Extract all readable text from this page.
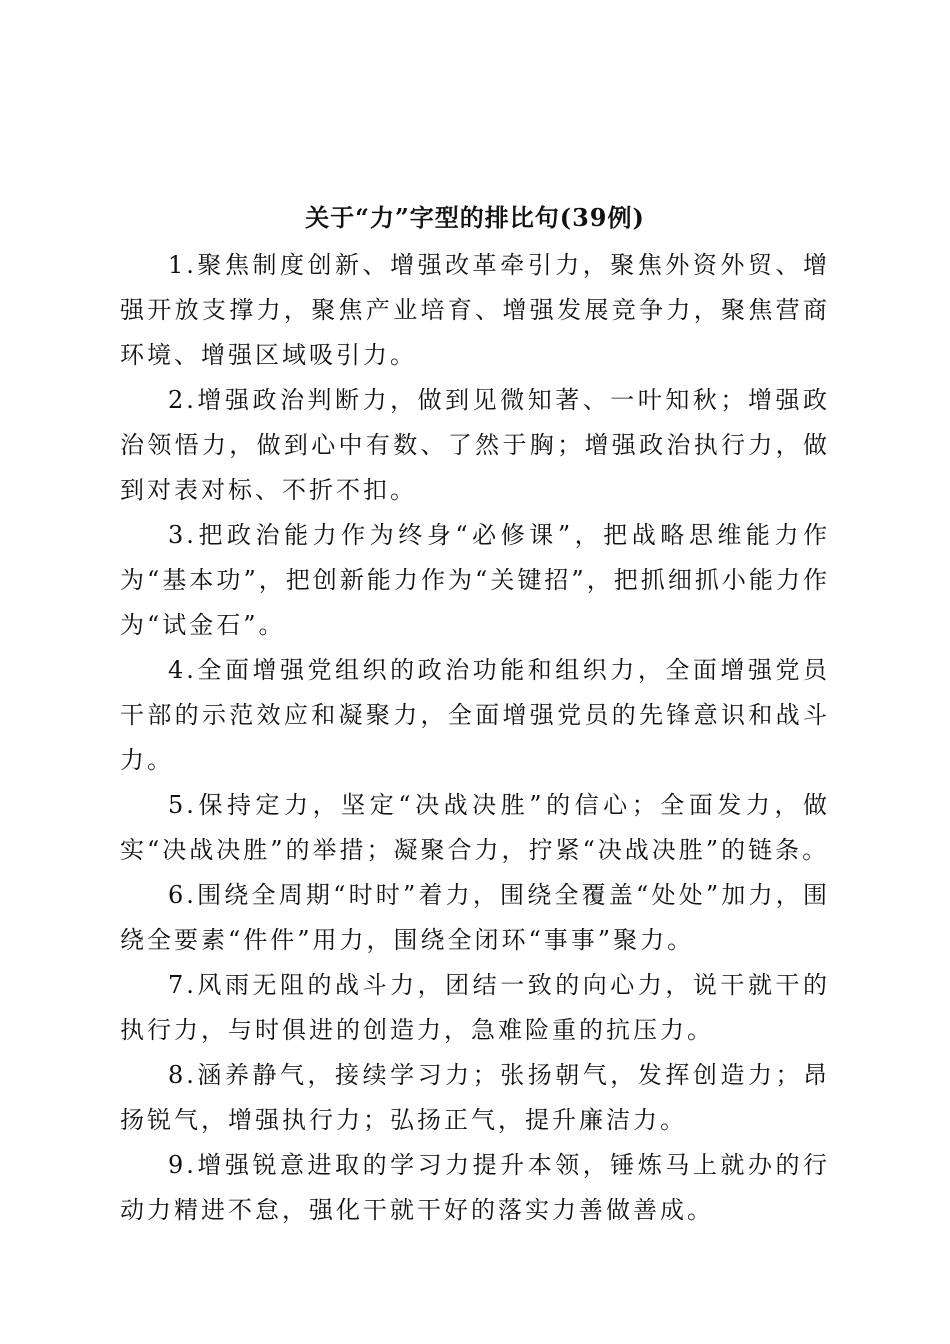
关于“力”字型的排比句(39例)

1.聚焦制度创新、增强改革牵引力，聚焦外资外贸、增强开放支撑力，聚焦产业培育、增强发展竞争力，聚焦营商环境、增强区域吸引力。

2.增强政治判断力，做到见微知著、一叶知秋；增强政治领悟力，做到心中有数、了然于胸；增强政治执行力，做到对表对标、不折不扣。

3.把政治能力作为终身“必修课”，把战略思维能力作为“基本功”，把创新能力作为“关键招”，把抓细抓小能力作为“试金石”。

4.全面增强党组织的政治功能和组织力，全面增强党员干部的示范效应和凝聚力，全面增强党员的先锋意识和战斗力。

5.保持定力，坚定“决战决胜”的信心；全面发力，做实“决战决胜”的举措；凝聚合力，拧紧“决战决胜”的链条。

6.围绕全周期“时时”着力，围绕全覆盖“处处”加力，围绕全要素“件件”用力，围绕全闭环“事事”聚力。

7.风雨无阻的战斗力，团结一致的向心力，说干就干的执行力，与时俱进的创造力，急难险重的抗压力。

8.涵养静气，接续学习力；张扬朝气，发挥创造力；昂扬锐气，增强执行力；弘扬正气，提升廉洁力。

9.增强锐意进取的学习力提升本领，锤炼马上就办的行动力精进不怠，强化干就干好的落实力善做善成。
